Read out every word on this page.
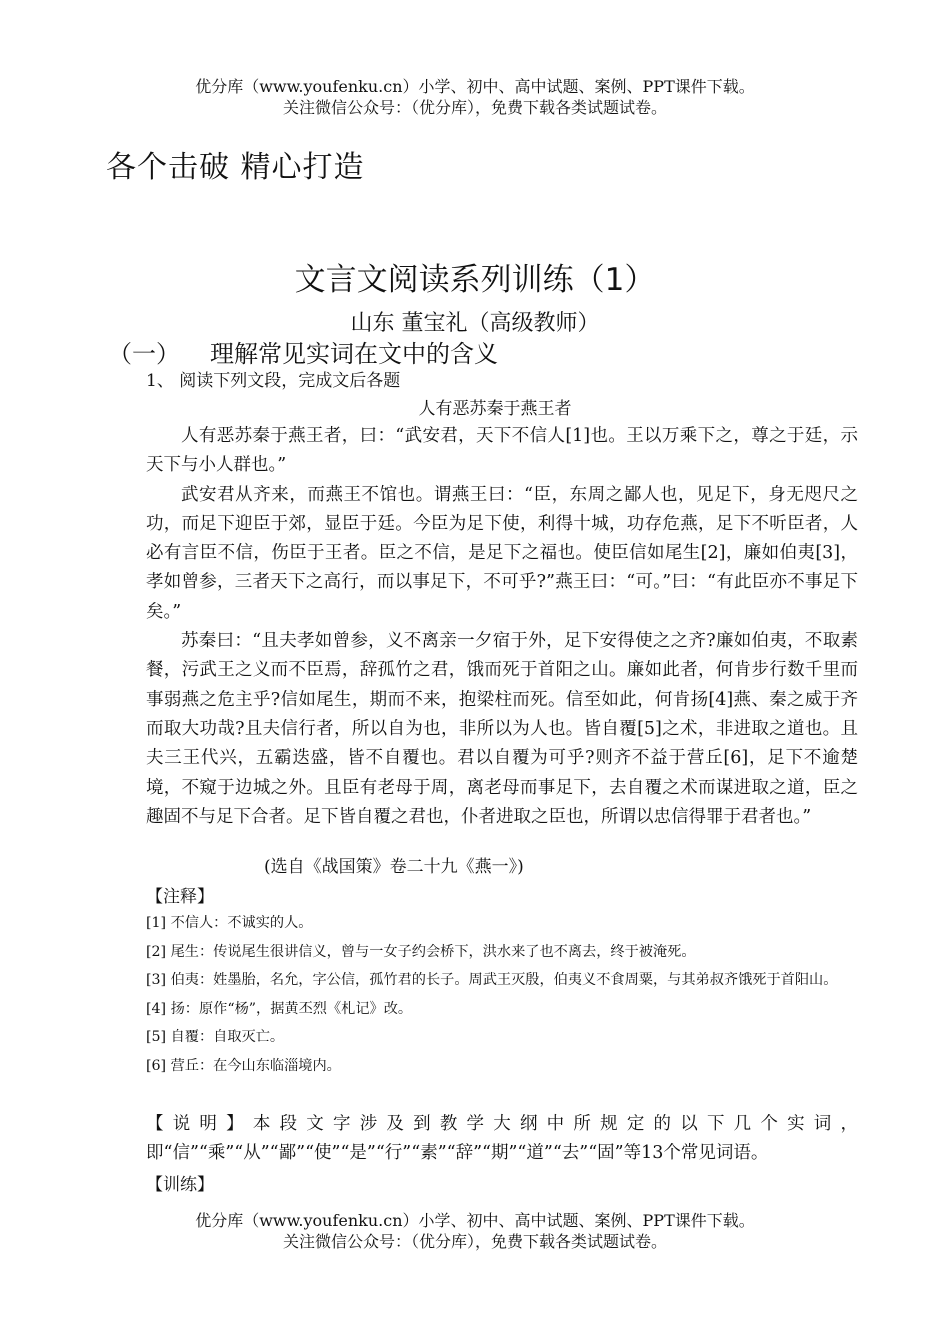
优分库（www.youfenku.cn）小学、初中、高中试题、案例、PPT课件下载。
关注微信公众号：（优分库），免费下载各类试题试卷。
各个击破 精心打造
文言文阅读系列训练（1）
山东 董宝礼（高级教师）
（一） 理解常见实词在文中的含义
1、 阅读下列文段，完成文后各题
人有恶苏秦于燕王者

人有恶苏秦于燕王者，曰：“武安君，天下不信人[1]也。王以万乘下之，尊之于廷，示天下与小人群也。”

武安君从齐来，而燕王不馆也。谓燕王曰：“臣，东周之鄙人也，见足下，身无咫尺之功，而足下迎臣于郊，显臣于廷。今臣为足下使，利得十城，功存危燕，足下不听臣者，人必有言臣不信，伤臣于王者。臣之不信，是足下之福也。使臣信如尾生[2]，廉如伯夷[3]，孝如曾参，三者天下之高行，而以事足下，不可乎?”燕王曰：“可。”曰：“有此臣亦不事足下矣。”

苏秦曰：“且夫孝如曾参，义不离亲一夕宿于外，足下安得使之之齐?廉如伯夷，不取素餐，污武王之义而不臣焉，辞孤竹之君，饿而死于首阳之山。廉如此者，何肯步行数千里而事弱燕之危主乎?信如尾生，期而不来，抱梁柱而死。信至如此，何肯扬[4]燕、秦之威于齐而取大功哉?且夫信行者，所以自为也，非所以为人也。皆自覆[5]之术，非进取之道也。且夫三王代兴，五霸迭盛，皆不自覆也。君以自覆为可乎?则齐不益于营丘[6]，足下不逾楚境，不窥于边城之外。且臣有老母于周，离老母而事足下，去自覆之术而谋进取之道，臣之趣固不与足下合者。足下皆自覆之君也，仆者进取之臣也，所谓以忠信得罪于君者也。”

(选自《战国策》卷二十九《燕一》)
【注释】
[1] 不信人：不诚实的人。
[2] 尾生：传说尾生很讲信义，曾与一女子约会桥下，洪水来了也不离去，终于被淹死。
[3] 伯夷：姓墨胎，名允，字公信，孤竹君的长子。周武王灭殷，伯夷义不食周粟，与其弟叔齐饿死于首阳山。
[4] 扬：原作“杨”，据黄丕烈《札记》改。
[5] 自覆：自取灭亡。
[6] 营丘：在今山东临淄境内。
【说明】本段文字涉及到教学大纲中所规定的以下几个实词，即“信”“乘”“从”“鄙”“使”“是”“行”“素”“辞”“期”“道”“去”“固”等13个常见词语。
【训练】
优分库（www.youfenku.cn）小学、初中、高中试题、案例、PPT课件下载。
关注微信公众号：（优分库），免费下载各类试题试卷。
